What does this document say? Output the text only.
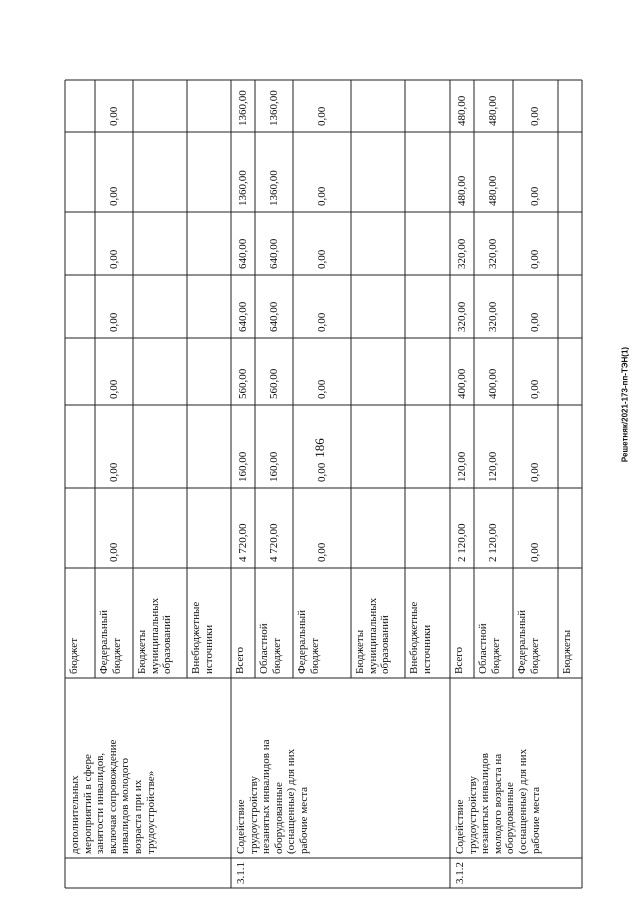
186	Решетняк/2021-173-пп-ТЭН(1)
дополнительных мероприятий в сфере занятости инвалидов, включая сопровождение инвалидов молодого возраста при их трудоустройстве»
3.1.1
Содействие трудоустройству незанятых инвалидов на оборудованные (оснащенные) для них рабочие места
3.1.2
Содействие трудоустройству незанятых инвалидов молодого возраста на оборудованные (оснащенные) для них рабочие места
бюджет Федеральный бюджет
0,00
0,00
0,00
0,00
0,00
0,00
0,00
Бюджеты муниципальных образований Внебюджетные источники Всего
4 720,00
160,00
560,00
640,00
640,00
1360,00
1360,00
Областной бюджет
4 720,00
160,00
560,00
640,00
640,00
1360,00
1360,00
Федеральный бюджет
0,00
0,00
0,00
0,00
0,00
0,00
0,00
Бюджеты муниципальных образований Внебюджетные источники Всего
2 120,00
120,00
400,00
320,00
320,00
480,00
480,00
Областной бюджет
2 120,00
120,00
400,00
320,00
320,00
480,00
480,00
Федеральный бюджет
0,00
0,00
0,00
0,00
0,00
0,00
0,00
Бюджеты
